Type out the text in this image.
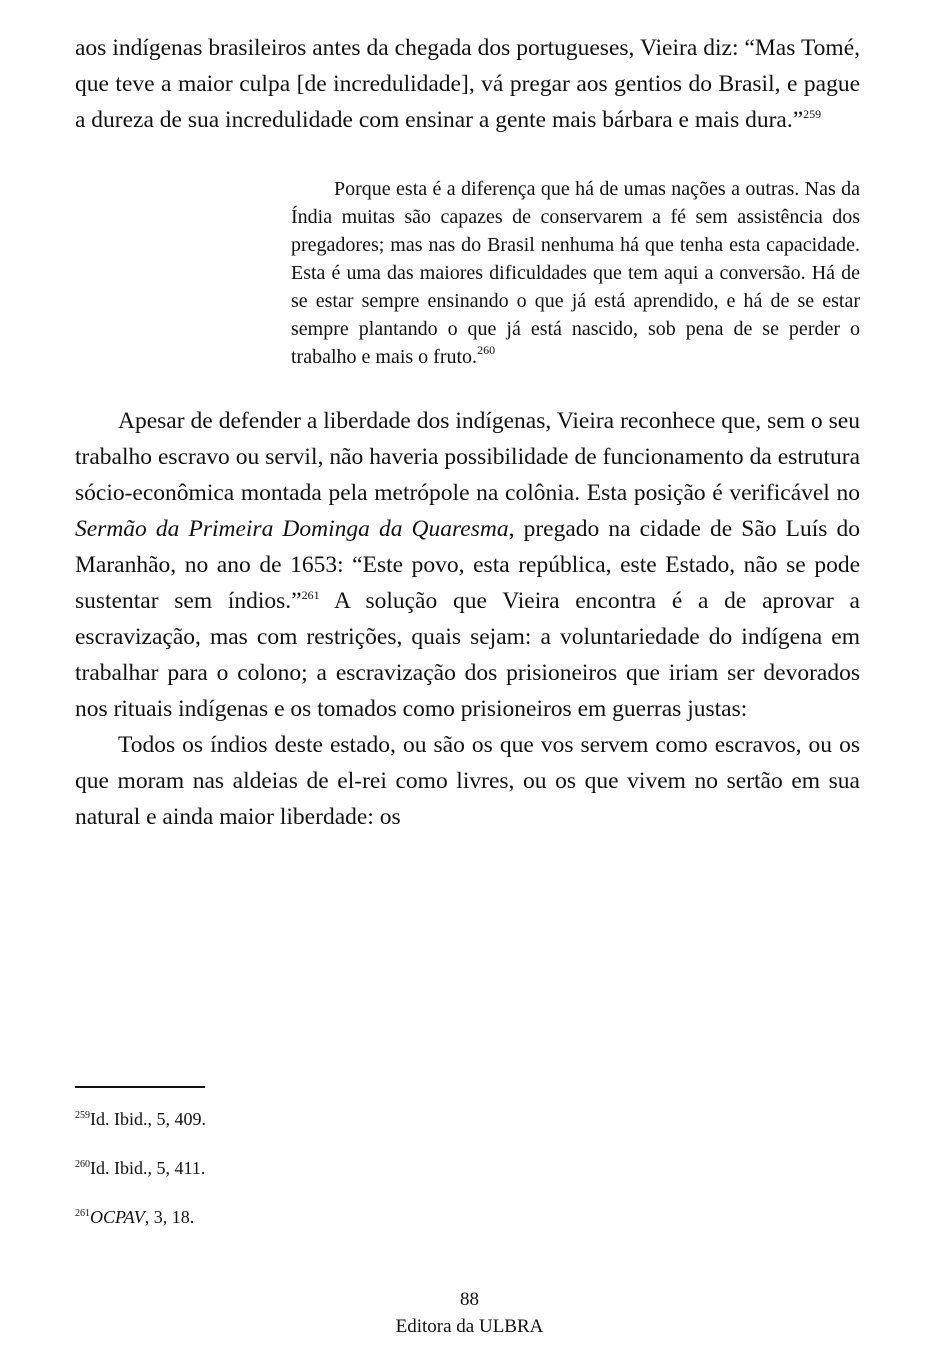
aos indígenas brasileiros antes da chegada dos portugueses, Vieira diz: “Mas Tomé, que teve a maior culpa [de incredulidade], vá pregar aos gentios do Brasil, e pague a dureza de sua incredulidade com ensinar a gente mais bárbara e mais dura.”$^{259}$

Porque esta é a diferença que há de umas nações a outras. Nas da Índia muitas são capazes de conservarem a fé sem assistência dos pregadores; mas nas do Brasil nenhuma há que tenha esta capacidade. Esta é uma das maiores dificuldades que tem aqui a conversão. Há de se estar sempre ensinando o que já está aprendido, e há de se estar sempre plantando o que já está nascido, sob pena de se perder o trabalho e mais o fruto.$^{260}$

Apesar de defender a liberdade dos indígenas, Vieira reconhece que, sem o seu trabalho escravo ou servil, não haveria possibilidade de funcionamento da estrutura sócio-econômica montada pela metrópole na colônia. Esta posição é verificável no Sermão da Primeira Dominga da Quaresma, pregado na cidade de São Luís do Maranhão, no ano de 1653: “Este povo, esta república, este Estado, não se pode sustentar sem índios.”$^{261}$ A solução que Vieira encontra é a de aprovar a escravização, mas com restrições, quais sejam: a voluntariedade do indígena em trabalhar para o colono; a escravização dos prisioneiros que iriam ser devorados nos rituais indígenas e os tomados como prisioneiros em guerras justas:

Todos os índios deste estado, ou são os que vos servem como escravos, ou os que moram nas aldeias de el-rei como livres, ou os que vivem no sertão em sua natural e ainda maior liberdade: os

$^{259}$Id. Ibid., 5, 409.
$^{260}$Id. Ibid., 5, 411.
$^{261}$OCPAV, 3, 18.
88
Editora da ULBRA
